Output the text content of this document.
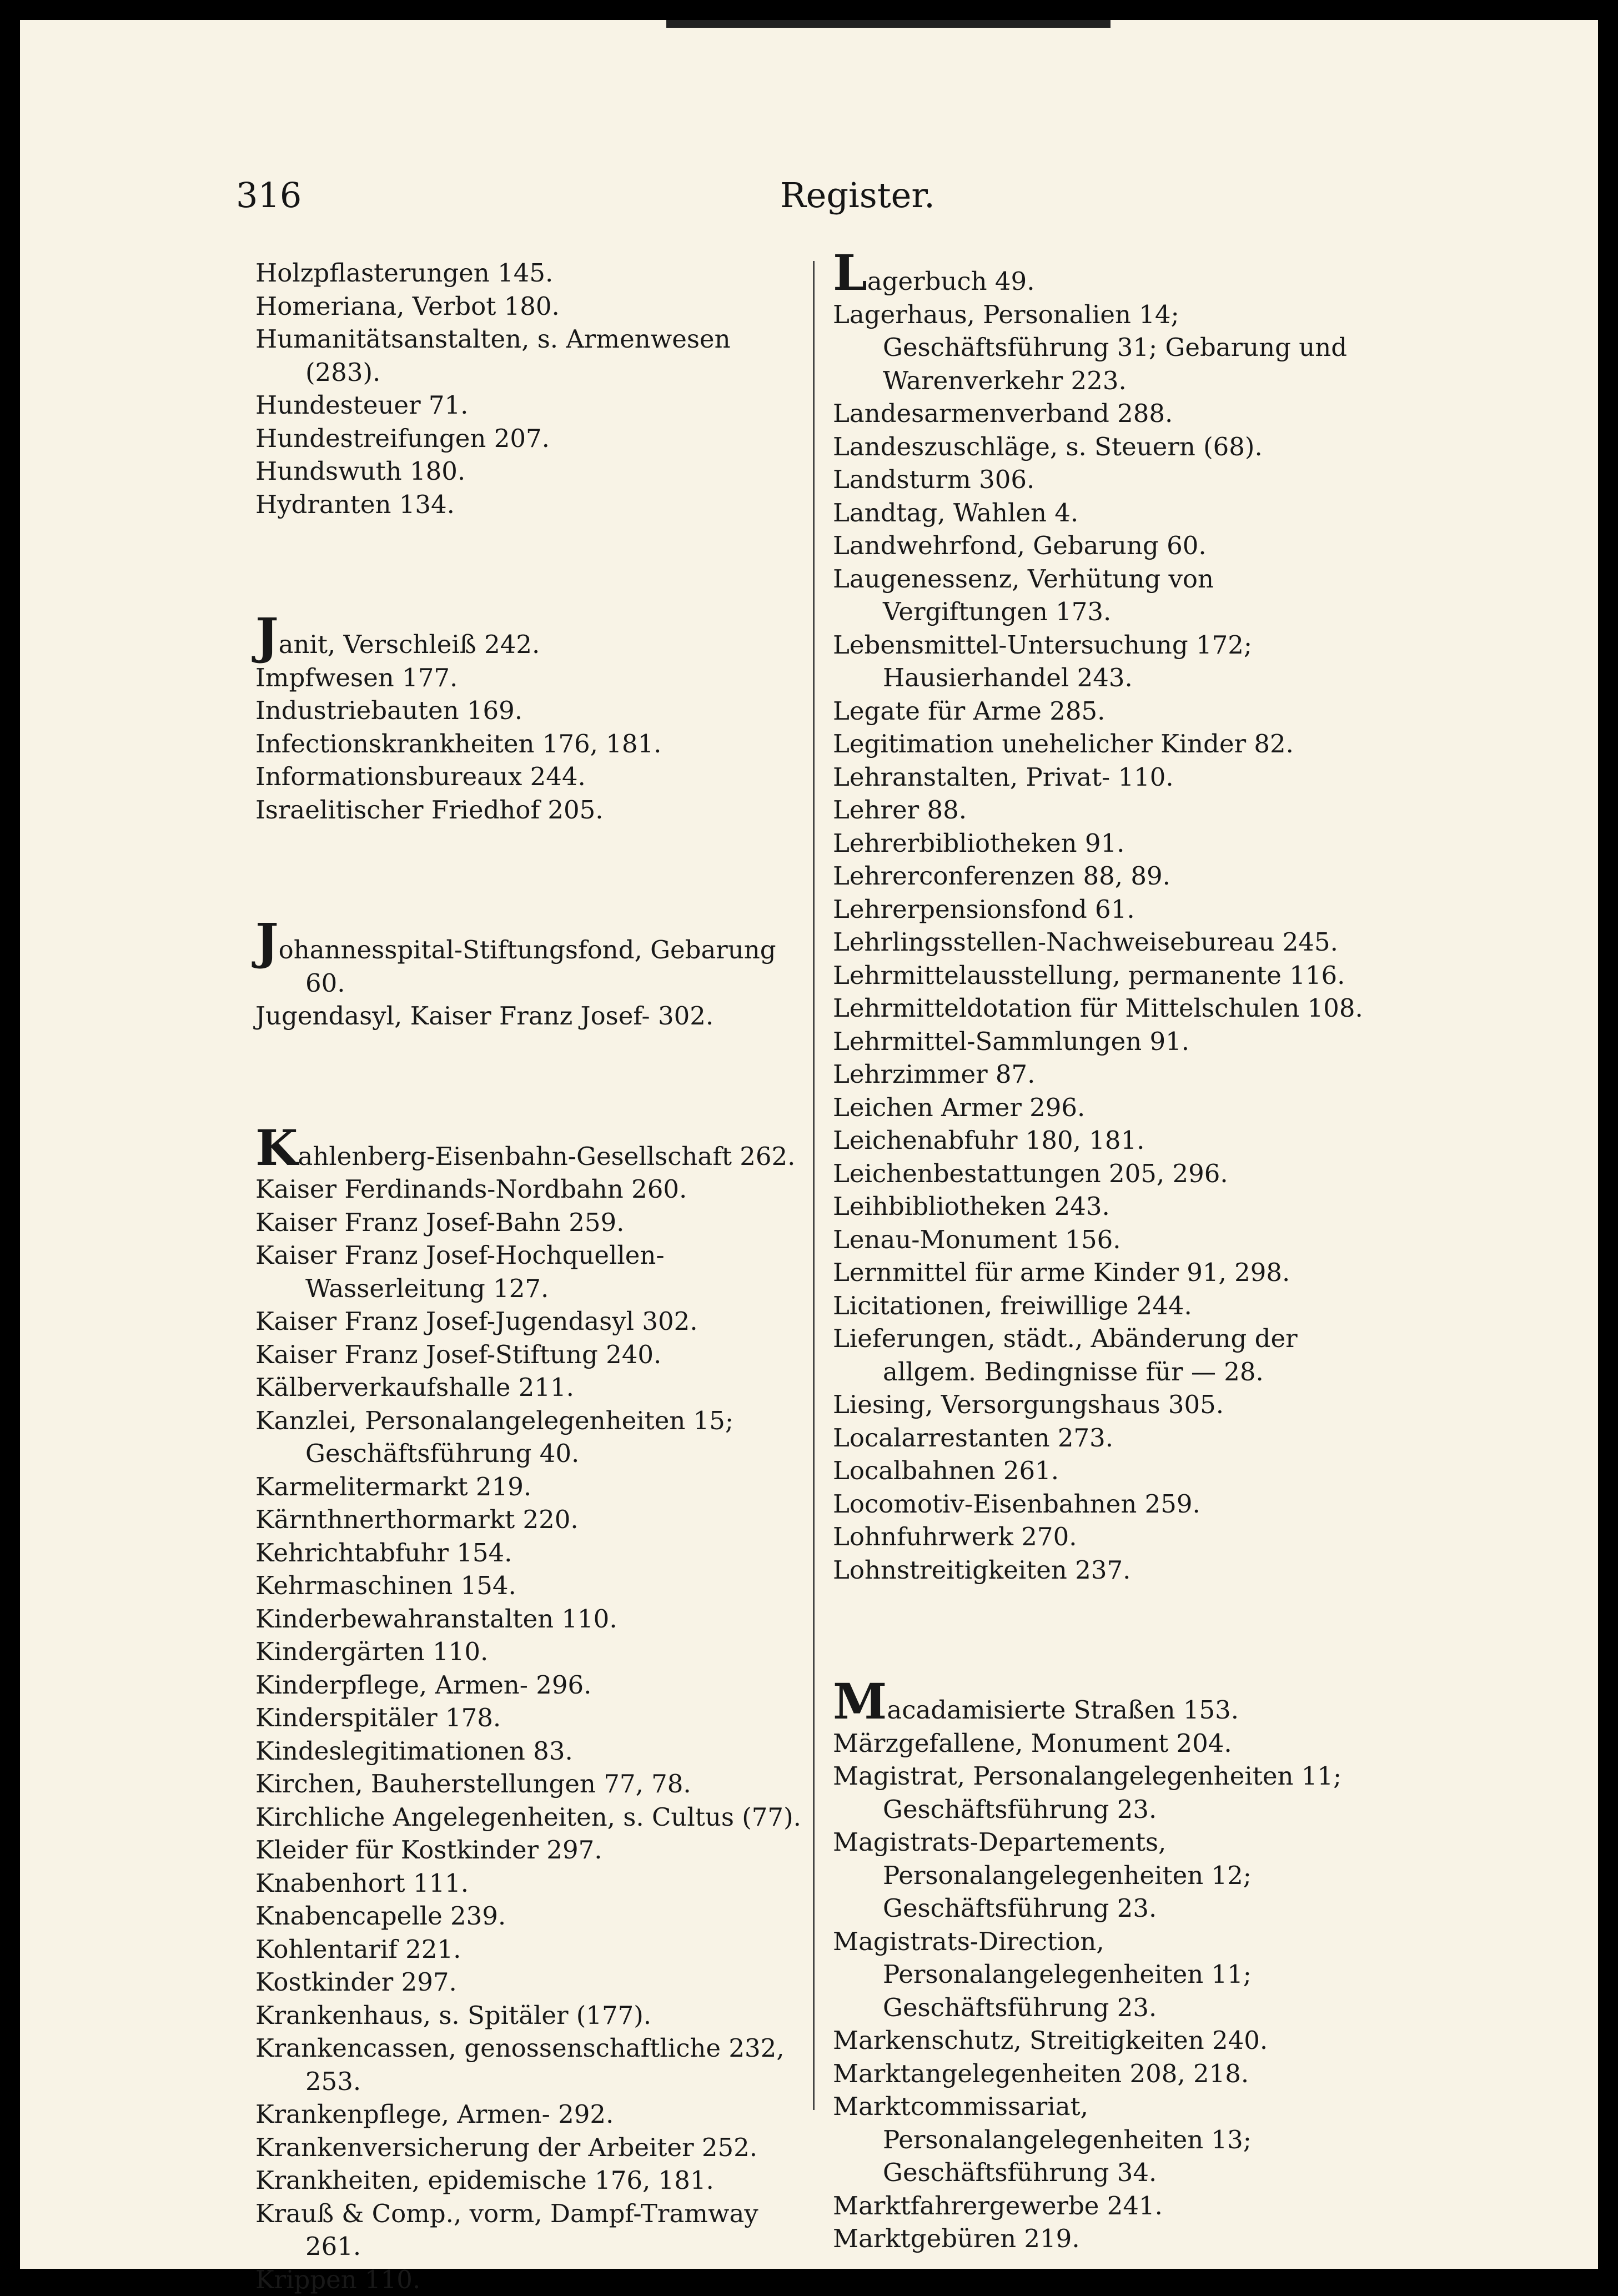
316	Register.

Holzpflasterungen 145.

Homeriana, Verbot 180.

Humanitätsanstalten, s. Armenwesen (283).

Hundesteuer 71.

Hundestreifungen 207.

Hundswuth 180.

Hydranten 134.

Janit, Verschleiß 242.

Impfwesen 177.

Industriebauten 169.

Infectionskrankheiten 176, 181.

Informationsbureaux 244.

Israelitischer Friedhof 205.

Johannesspital-Stiftungsfond, Gebarung 60.

Jugendasyl, Kaiser Franz Josef- 302.

Kahlenberg-Eisenbahn-Gesellschaft 262.

Kaiser Ferdinands-Nordbahn 260.

Kaiser Franz Josef-Bahn 259.

Kaiser Franz Josef-Hochquellen-Wasserleitung 127.

Kaiser Franz Josef-Jugendasyl 302.

Kaiser Franz Josef-Stiftung 240.

Kälberverkaufshalle 211.

Kanzlei, Personalangelegenheiten 15; Geschäftsführung 40.

Karmelitermarkt 219.

Kärnthnerthormarkt 220.

Kehrichtabfuhr 154.

Kehrmaschinen 154.

Kinderbewahranstalten 110.

Kindergärten 110.

Kinderpflege, Armen- 296.

Kinderspitäler 178.

Kindeslegitimationen 83.

Kirchen, Bauherstellungen 77, 78.

Kirchliche Angelegenheiten, s. Cultus (77).

Kleider für Kostkinder 297.

Knabenhort 111.

Knabencapelle 239.

Kohlentarif 221.

Kostkinder 297.

Krankenhaus, s. Spitäler (177).

Krankencassen, genossenschaftliche 232, 253.

Krankenpflege, Armen- 292.

Krankenversicherung der Arbeiter 252.

Krankheiten, epidemische 176, 181.

Krauß & Comp., vorm, Dampf-Tramway 261.

Krippen 110.

Lagerbuch 49.

Lagerhaus, Personalien 14; Geschäftsführung 31; Gebarung und Warenverkehr 223.

Landesarmenverband 288.

Landeszuschläge, s. Steuern (68).

Landsturm 306.

Landtag, Wahlen 4.

Landwehrfond, Gebarung 60.

Laugenessenz, Verhütung von Vergiftungen 173.

Lebensmittel-Untersuchung 172; Hausierhandel 243.

Legate für Arme 285.

Legitimation unehelicher Kinder 82.

Lehranstalten, Privat- 110.

Lehrer 88.

Lehrerbibliotheken 91.

Lehrerconferenzen 88, 89.

Lehrerpensionsfond 61.

Lehrlingsstellen-Nachweisebureau 245.

Lehrmittelausstellung, permanente 116.

Lehrmitteldotation für Mittelschulen 108.

Lehrmittel-Sammlungen 91.

Lehrzimmer 87.

Leichen Armer 296.

Leichenabfuhr 180, 181.

Leichenbestattungen 205, 296.

Leihbibliotheken 243.

Lenau-Monument 156.

Lernmittel für arme Kinder 91, 298.

Licitationen, freiwillige 244.

Lieferungen, städt., Abänderung der allgem. Bedingnisse für — 28.

Liesing, Versorgungshaus 305.

Localarrestanten 273.

Localbahnen 261.

Locomotiv-Eisenbahnen 259.

Lohnfuhrwerk 270.

Lohnstreitigkeiten 237.

Macadamisierte Straßen 153.

Märzgefallene, Monument 204.

Magistrat, Personalangelegenheiten 11; Geschäftsführung 23.

Magistrats-Departements, Personalangelegenheiten 12; Geschäftsführung 23.

Magistrats-Direction, Personalangelegenheiten 11; Geschäftsführung 23.

Markenschutz, Streitigkeiten 240.

Marktangelegenheiten 208, 218.

Marktcommissariat, Personalangelegenheiten 13; Geschäftsführung 34.

Marktfahrergewerbe 241.

Marktgebüren 219.
